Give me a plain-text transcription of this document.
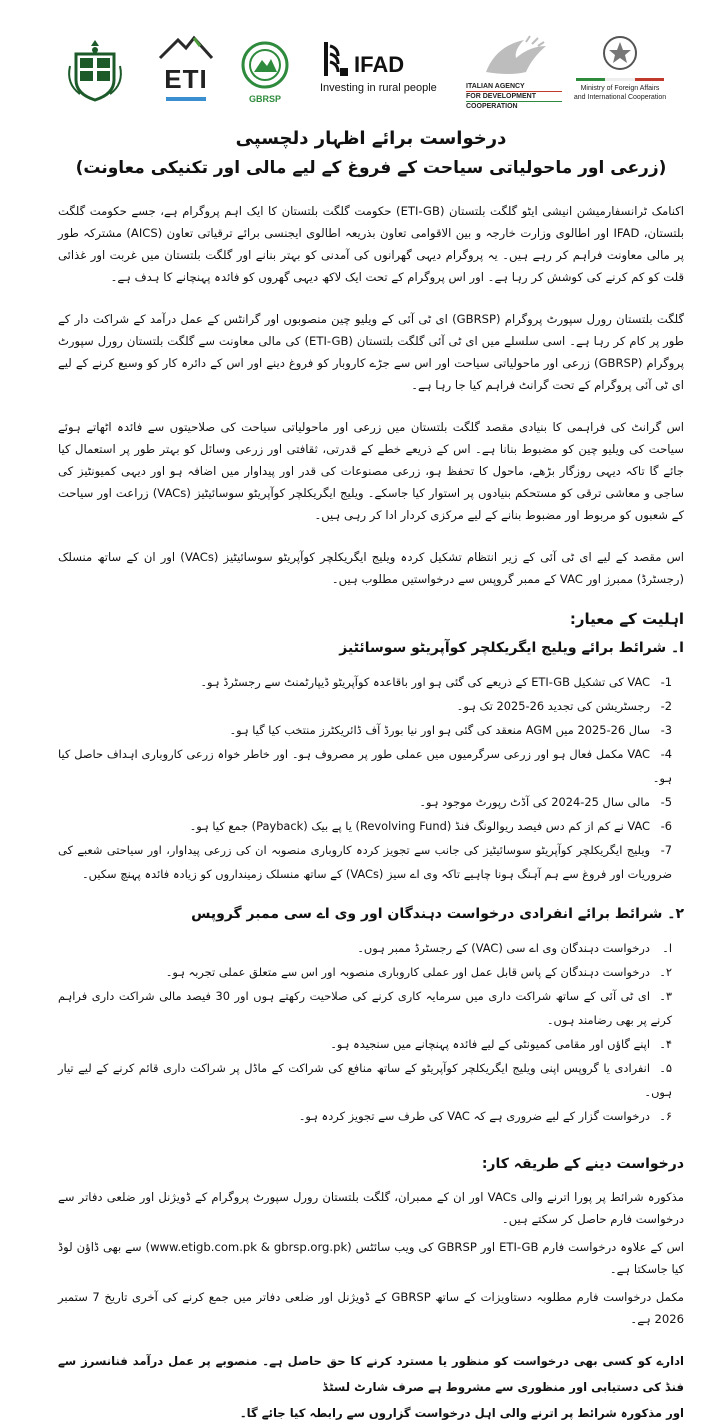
ETI
GBRSP
IFAD
Investing in rural people	ITALIAN AGENCY
FOR DEVELOPMENT
COOPERATION
Ministry of Foreign Affairs
and International Cooperation
درخواست برائے اظہار دلچسپی
(زرعی اور ماحولیاتی سیاحت کے فروغ کے لیے مالی اور تکنیکی معاونت)

اکنامک ٹرانسفارمیشن انیشی ایٹو گلگت بلتستان (ETI-GB) حکومت گلگت بلتستان کا ایک اہم پروگرام ہے، جسے حکومت گلگت بلتستان، IFAD اور اطالوی وزارت خارجہ و بین الاقوامی تعاون بذریعہ اطالوی ایجنسی برائے ترقیاتی تعاون (AICS) مشترکہ طور پر مالی معاونت فراہم کر رہے ہیں۔ یہ پروگرام دیہی گھرانوں کی آمدنی کو بہتر بنانے اور گلگت بلتستان میں غربت اور غذائی قلت کو کم کرنے کی کوشش کر رہا ہے۔ اور اس پروگرام کے تحت ایک لاکھ دیہی گھروں کو فائدہ پہنچانے کا ہدف ہے۔

گلگت بلتستان رورل سپورٹ پروگرام (GBRSP) ای ٹی آئی کے ویلیو چین منصوبوں اور گرانٹس کے عمل درآمد کے شراکت دار کے طور پر کام کر رہا ہے۔ اسی سلسلے میں ای ٹی آئی گلگت بلتستان (ETI-GB) کی مالی معاونت سے گلگت بلتستان رورل سپورٹ پروگرام (GBRSP) زرعی اور ماحولیاتی سیاحت اور اس سے جڑے کاروبار کو فروغ دینے اور اس کے دائرہ کار کو وسیع کرنے کے لیے ای ٹی آئی پروگرام کے تحت گرانٹ فراہم کیا جا رہا ہے۔

اس گرانٹ کی فراہمی کا بنیادی مقصد گلگت بلتستان میں زرعی اور ماحولیاتی سیاحت کی صلاحیتوں سے فائدہ اٹھاتے ہوئے سیاحت کی ویلیو چین کو مضبوط بنانا ہے۔ اس کے ذریعے خطے کے قدرتی، ثقافتی اور زرعی وسائل کو بہتر طور پر استعمال کیا جائے گا تاکہ دیہی روزگار بڑھے، ماحول کا تحفظ ہو، زرعی مصنوعات کی قدر اور پیداوار میں اضافہ ہو اور دیہی کمیونٹیز کی ساجی و معاشی ترقی کو مستحکم بنیادوں پر استوار کیا جاسکے۔ ویلیج ایگریکلچر کوآپریٹو سوسائیٹیز (VACs) زراعت اور سیاحت کے شعبوں کو مربوط اور مضبوط بنانے کے لیے مرکزی کردار ادا کر رہی ہیں۔

اس مقصد کے لیے ای ٹی آئی کے زیر انتظام تشکیل کردہ ویلیج ایگریکلچر کوآپریٹو سوسائیٹیز (VACs) اور ان کے ساتھ منسلک (رجسٹرڈ) ممبرز اور VAC کے ممبر گروپس سے درخواستیں مطلوب ہیں۔

اہلیت کے معیار:
ا۔ شرائط برائے ویلیج ایگریکلچر کوآپریٹو سوسائٹیز
1-VAC کی تشکیل ETI-GB کے ذریعے کی گئی ہو اور باقاعدہ کوآپریٹو ڈیپارٹمنٹ سے رجسٹرڈ ہو۔
2-رجسٹریشن کی تجدید 26-2025 تک ہو۔
3-سال 26-2025 میں AGM منعقد کی گئی ہو اور نیا بورڈ آف ڈائریکٹرز منتخب کیا گیا ہو۔
4-VAC مکمل فعال ہو اور زرعی سرگرمیوں میں عملی طور پر مصروف ہو۔ اور خاطر خواہ زرعی کاروباری اہداف حاصل کیا ہو۔
5-مالی سال 25-2024 کی آڈٹ رپورٹ موجود ہو۔
6-VAC نے کم از کم دس فیصد ریوالونگ فنڈ (Revolving Fund) یا پے بیک (Payback) جمع کیا ہو۔
7-ویلیج ایگریکلچر کوآپریٹو سوسائیٹیز کی جانب سے تجویز کردہ کاروباری منصوبہ ان کی زرعی پیداوار، اور سیاحتی شعبے کی ضروریات اور فروغ سے ہم آہنگ ہونا چاہیے تاکہ وی اے سیز (VACs) کے ساتھ منسلک زمینداروں کو زیادہ فائدہ پہنچ سکیں۔
۲۔ شرائط برائے انفرادی درخواست دہندگان اور وی اے سی ممبر گروپس
ا۔درخواست دہندگان وی اے سی (VAC) کے رجسٹرڈ ممبر ہوں۔
۲۔درخواست دہندگان کے پاس قابل عمل اور عملی کاروباری منصوبہ اور اس سے متعلق عملی تجربہ ہو۔
۳۔ای ٹی آئی کے ساتھ شراکت داری میں سرمایہ کاری کرنے کی صلاحیت رکھتے ہوں اور 30 فیصد مالی شراکت داری فراہم کرنے پر بھی رضامند ہوں۔
۴۔اپنے گاؤں اور مقامی کمیونٹی کے لیے فائدہ پہنچانے میں سنجیدہ ہو۔
۵۔انفرادی یا گروپس اپنی ویلیج ایگریکلچر کوآپریٹو کے ساتھ منافع کی شراکت کے ماڈل پر شراکت داری قائم کرنے کے لیے تیار ہوں۔
۶۔درخواست گزار کے لیے ضروری ہے کہ VAC کی طرف سے تجویز کردہ ہو۔
درخواست دینے کے طریقہ کار:

مذکورہ شرائط پر پورا اترنے والی VACs اور ان کے ممبران، گلگت بلتستان رورل سپورٹ پروگرام کے ڈویژنل اور ضلعی دفاتر سے درخواست فارم حاصل کر سکتے ہیں۔

اس کے علاوہ درخواست فارم ETI-GB اور GBRSP کی ویب سائٹس (www.etigb.com.pk & gbrsp.org.pk) سے بھی ڈاؤن لوڈ کیا جاسکتا ہے۔

مکمل درخواست فارم مطلوبہ دستاویزات کے ساتھ GBRSP کے ڈویژنل اور ضلعی دفاتر میں جمع کرنے کی آخری تاریخ 7 ستمبر 2026 ہے۔

ادارے کو کسی بھی درخواست کو منظور یا مسترد کرنے کا حق حاصل ہے۔ منصوبے پر عمل درآمد فنانسرز سے فنڈ کی دستیابی اور منظوری سے مشروط ہے صرف شارٹ لسٹڈ

اور مذکورہ شرائط پر اترنے والی اہل درخواست گزاروں سے رابطہ کیا جائے گا۔
